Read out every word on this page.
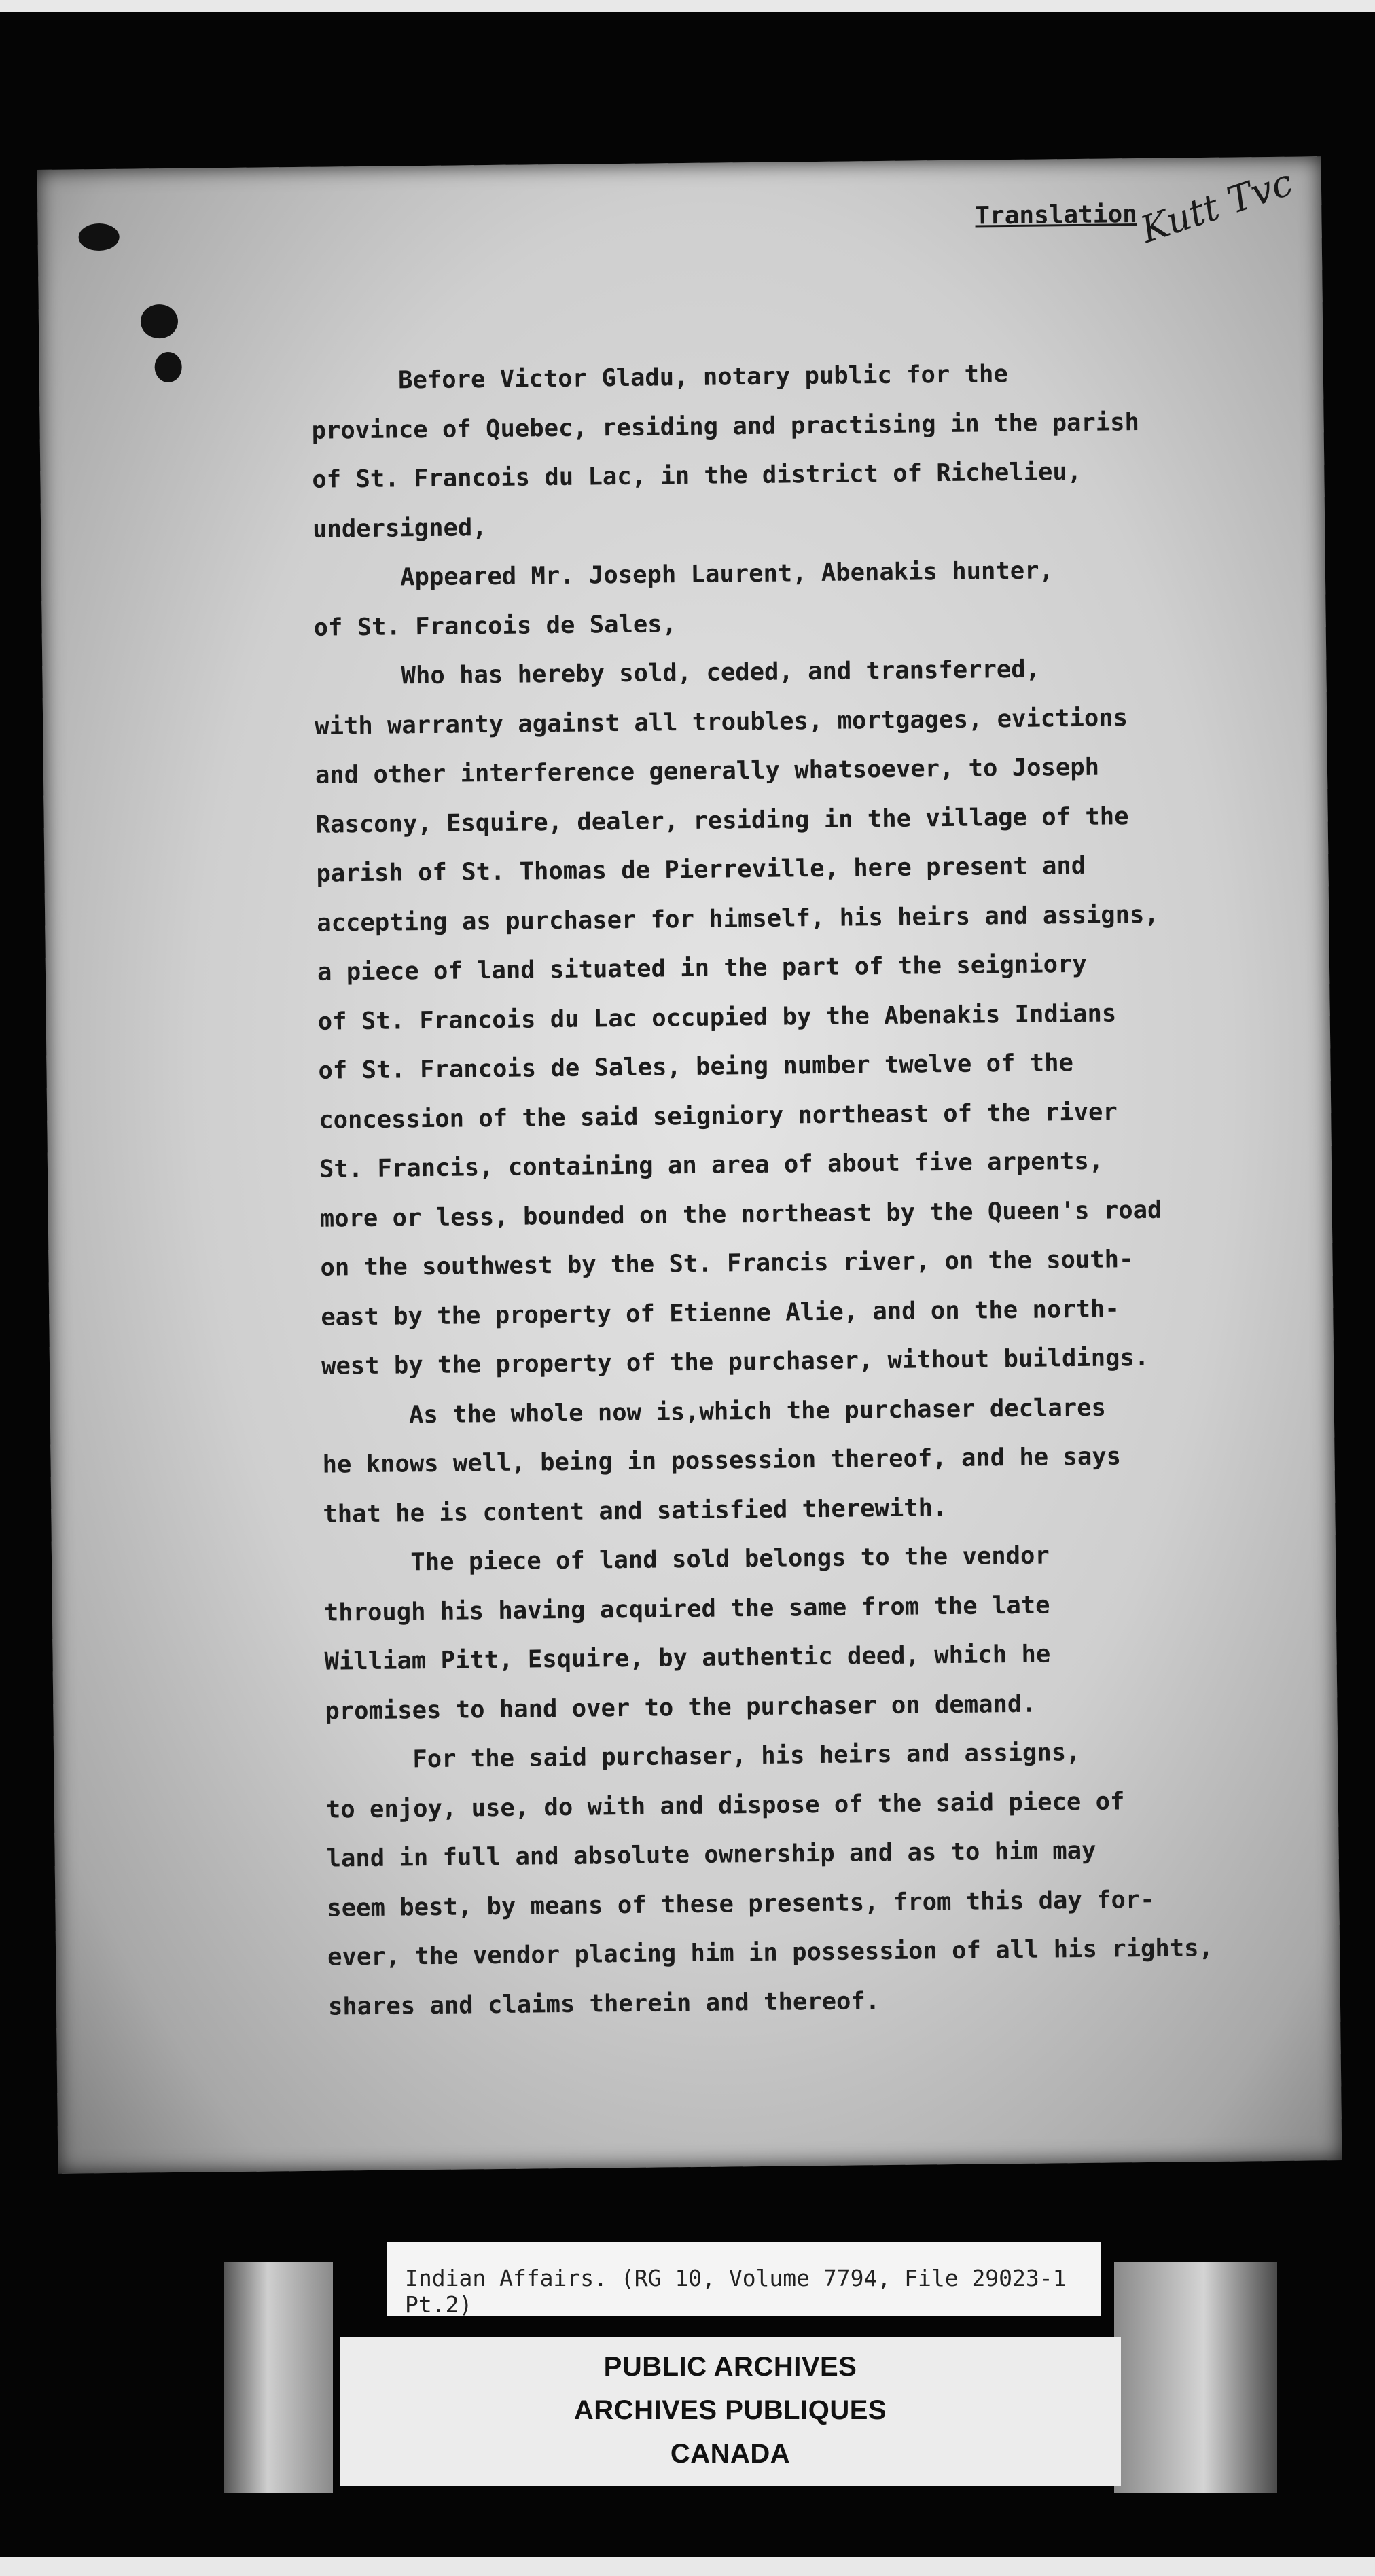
Translation
Kutt Tvc
Before Victor Gladu, notary public for the
province of Quebec, residing and practising in the parish
of St. Francois du Lac, in the district of Richelieu,
undersigned,
Appeared Mr. Joseph Laurent, Abenakis hunter,
of St. Francois de Sales,
Who has hereby sold, ceded, and transferred,
with warranty against all troubles, mortgages, evictions
and other interference generally whatsoever, to Joseph
Rascony, Esquire, dealer, residing in the village of the
parish of St. Thomas de Pierreville, here present and
accepting as purchaser for himself, his heirs and assigns,
a piece of land situated in the part of the seigniory
of St. Francois du Lac occupied by the Abenakis Indians
of St. Francois de Sales, being number twelve of the
concession of the said seigniory northeast of the river
St. Francis, containing an area of about five arpents,
more or less, bounded on the northeast by the Queen's road
on the southwest by the St. Francis river, on the south-
east by the property of Etienne Alie, and on the north-
west by the property of the purchaser, without buildings.
As the whole now is,which the purchaser declares
he knows well, being in possession thereof, and he says
that he is content and satisfied therewith.
The piece of land sold belongs to the vendor
through his having acquired the same from the late
William Pitt, Esquire, by authentic deed, which he
promises to hand over to the purchaser on demand.
For the said purchaser, his heirs and assigns,
to enjoy, use, do with and dispose of the said piece of
land in full and absolute ownership and as to him may
seem best, by means of these presents, from this day for-
ever, the vendor placing him in possession of all his rights,
shares and claims therein and thereof.
Indian Affairs. (RG 10, Volume 7794, File 29023-1 Pt.2)
PUBLIC ARCHIVES
ARCHIVES PUBLIQUES
CANADA
